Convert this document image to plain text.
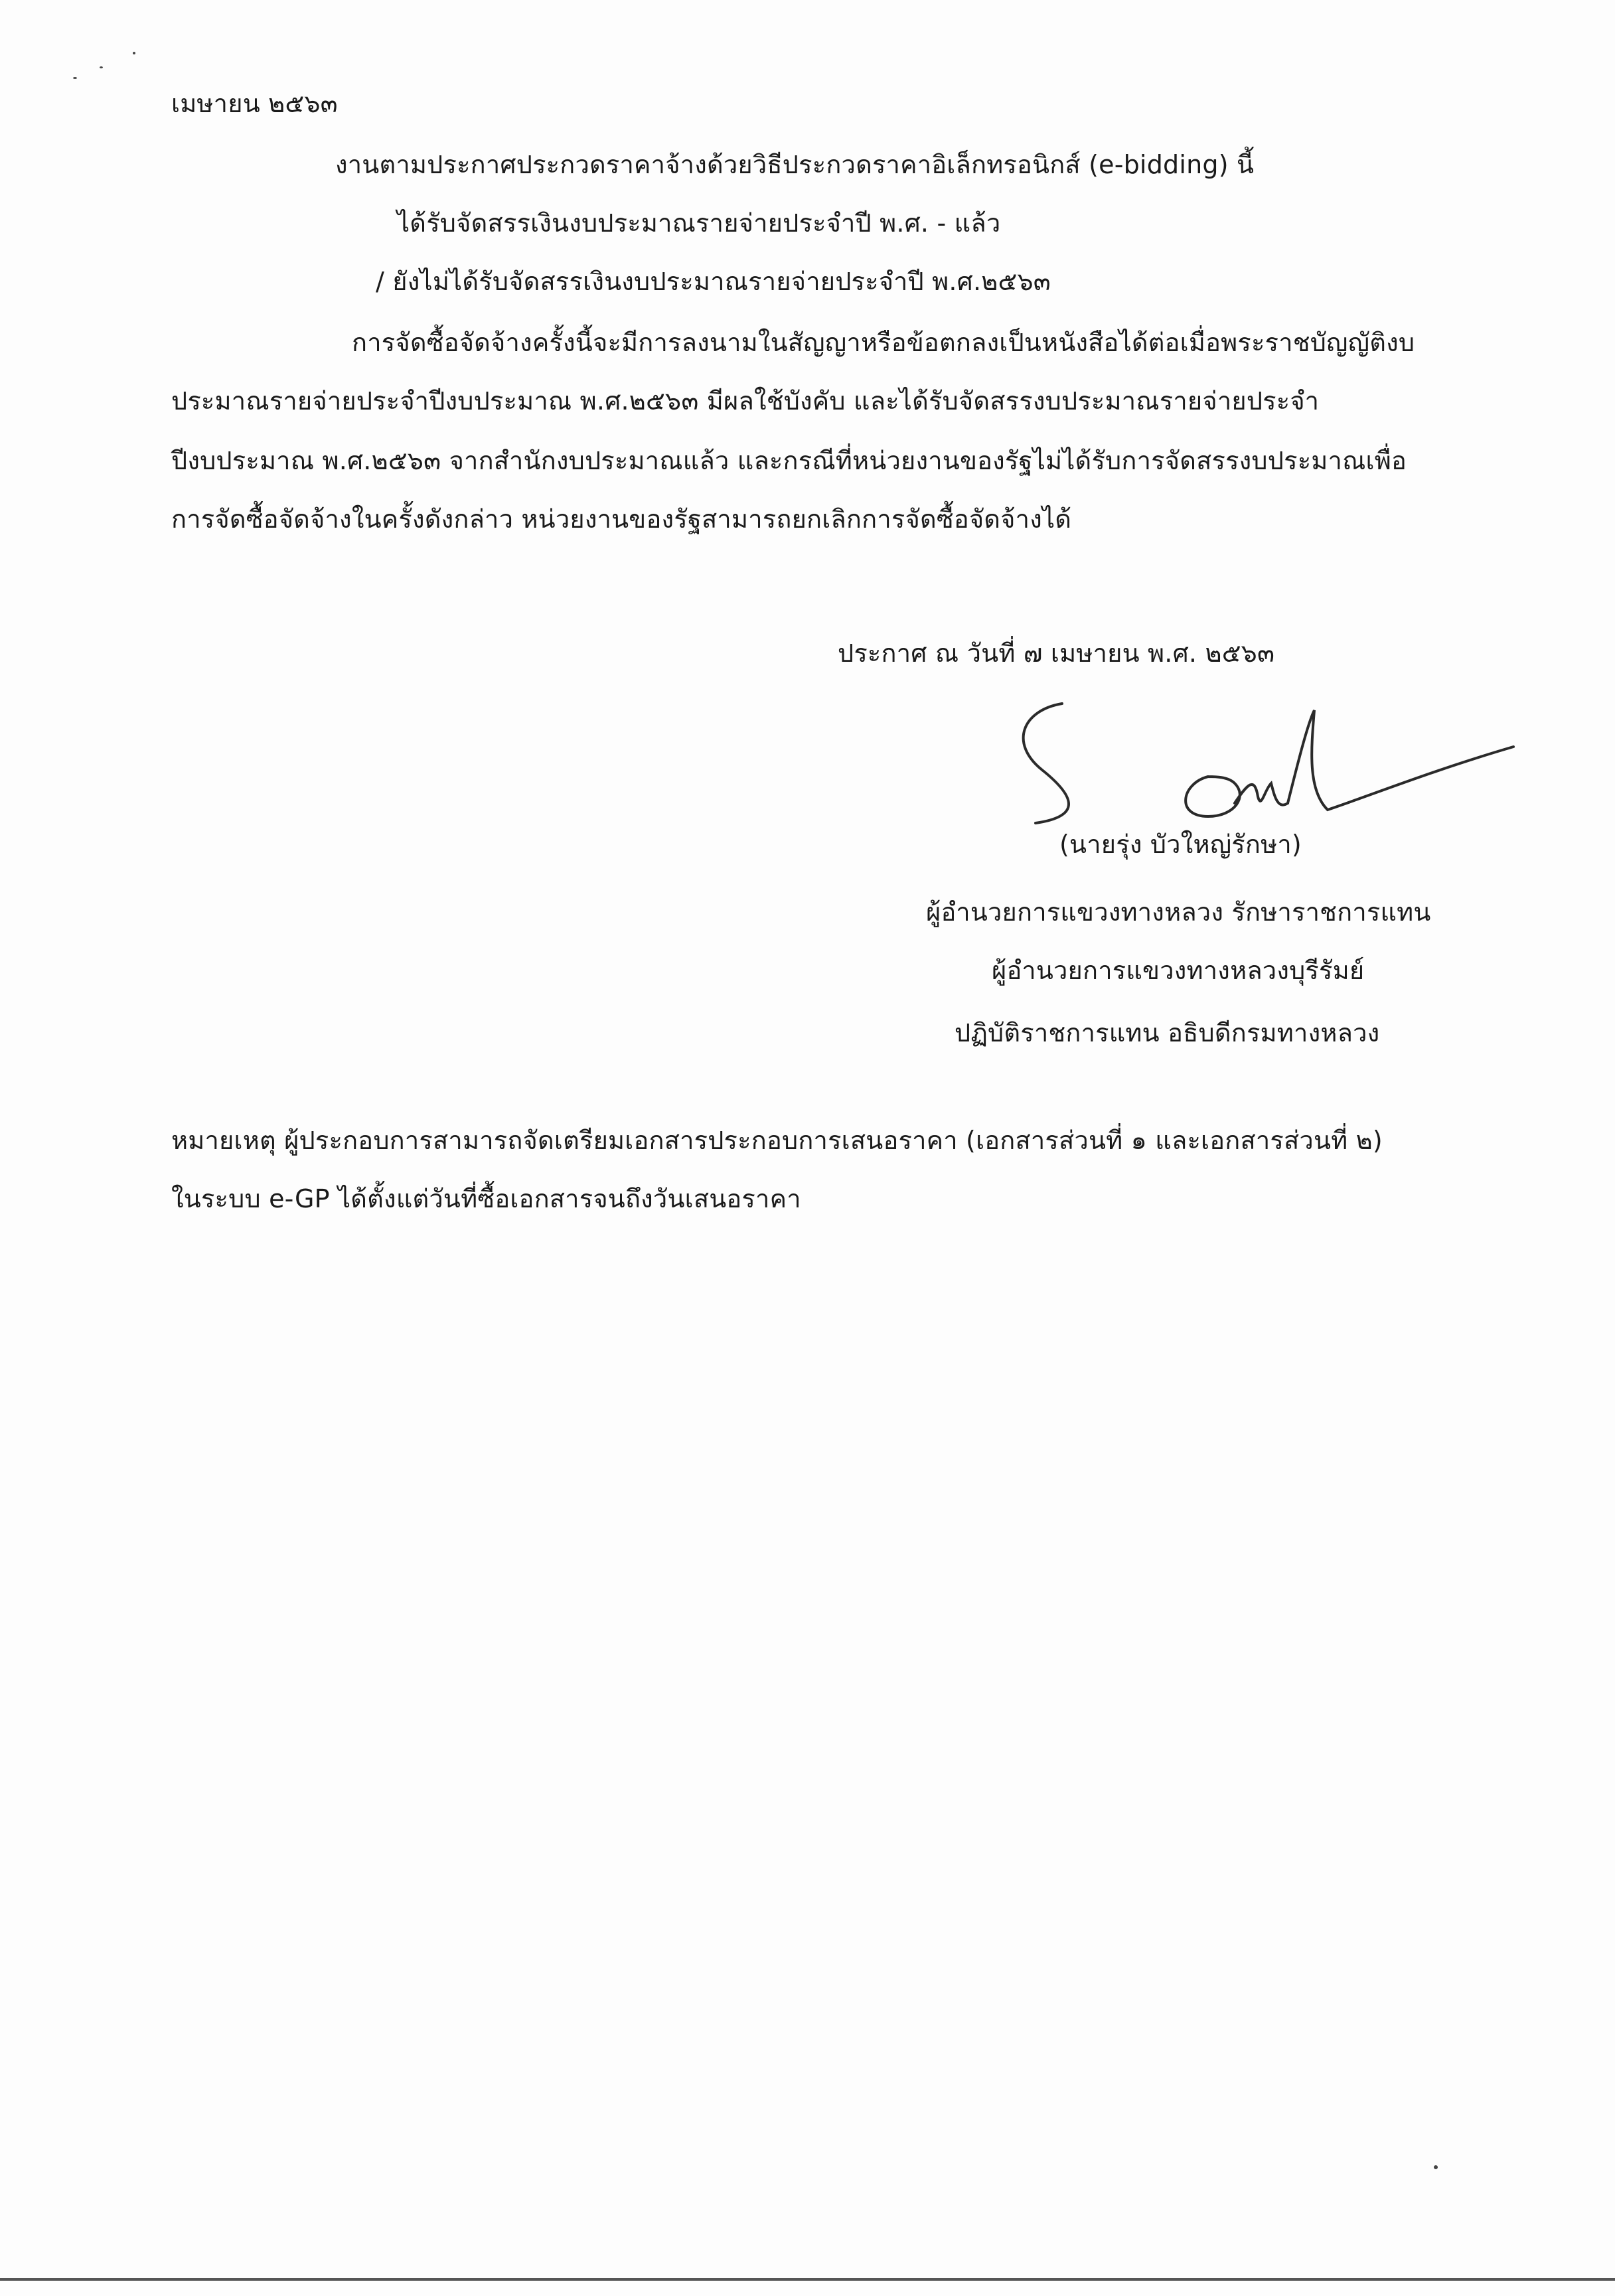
เมษายน ๒๕๖๓
งานตามประกาศประกวดราคาจ้างด้วยวิธีประกวดราคาอิเล็กทรอนิกส์ (e-bidding) นี้
ได้รับจัดสรรเงินงบประมาณรายจ่ายประจำปี พ.ศ. - แล้ว
/ ยังไม่ได้รับจัดสรรเงินงบประมาณรายจ่ายประจำปี พ.ศ.๒๕๖๓
การจัดซื้อจัดจ้างครั้งนี้จะมีการลงนามในสัญญาหรือข้อตกลงเป็นหนังสือได้ต่อเมื่อพระราชบัญญัติงบ
ประมาณรายจ่ายประจำปีงบประมาณ พ.ศ.๒๕๖๓ มีผลใช้บังคับ และได้รับจัดสรรงบประมาณรายจ่ายประจำ
ปีงบประมาณ พ.ศ.๒๕๖๓ จากสำนักงบประมาณแล้ว และกรณีที่หน่วยงานของรัฐไม่ได้รับการจัดสรรงบประมาณเพื่อ
การจัดซื้อจัดจ้างในครั้งดังกล่าว หน่วยงานของรัฐสามารถยกเลิกการจัดซื้อจัดจ้างได้
ประกาศ ณ วันที่ ๗ เมษายน พ.ศ. ๒๕๖๓
(นายรุ่ง บัวใหญ่รักษา)
ผู้อำนวยการแขวงทางหลวง รักษาราชการแทน
ผู้อำนวยการแขวงทางหลวงบุรีรัมย์
ปฏิบัติราชการแทน อธิบดีกรมทางหลวง
หมายเหตุ ผู้ประกอบการสามารถจัดเตรียมเอกสารประกอบการเสนอราคา (เอกสารส่วนที่ ๑ และเอกสารส่วนที่ ๒)
ในระบบ e-GP ได้ตั้งแต่วันที่ซื้อเอกสารจนถึงวันเสนอราคา
